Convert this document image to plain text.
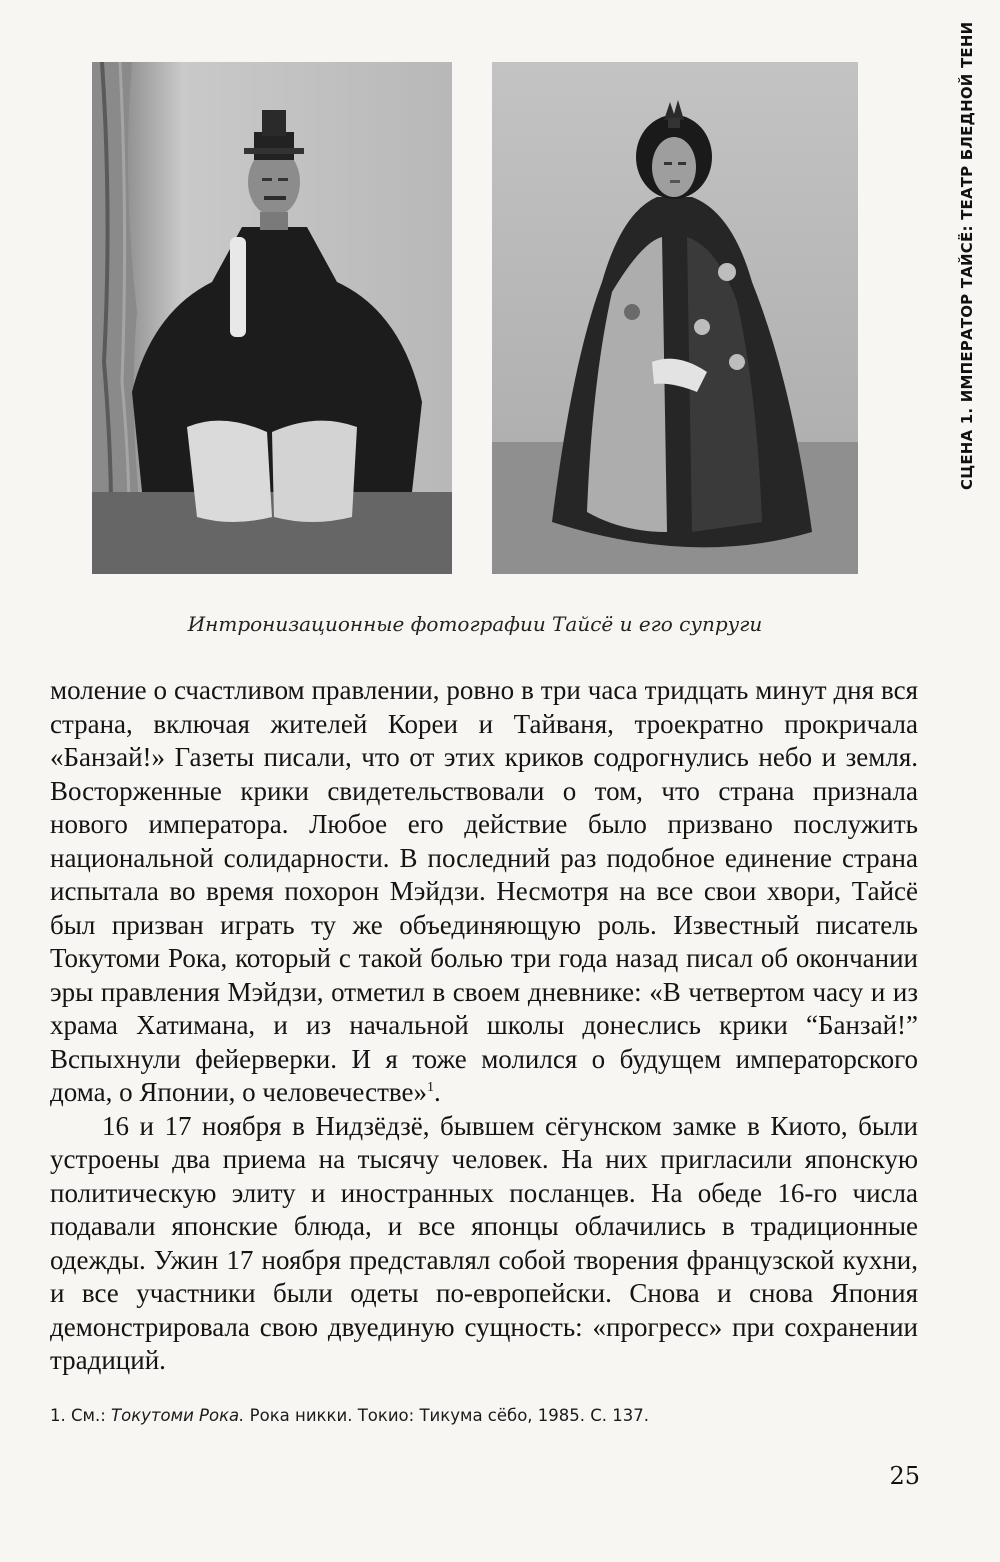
СЦЕНА 1. ИМПЕРАТОР ТАЙСЁ: ТЕАТР БЛЕДНОЙ ТЕНИ
Интронизационные фотографии Тайсё и его супруги

моление о счастливом правлении, ровно в три часа тридцать минут дня вся страна, включая жителей Кореи и Тайваня, троекратно прокричала «Банзай!» Газеты писали, что от этих криков содрогнулись небо и земля. Восторженные крики свидетельствовали о том, что страна признала нового императора. Любое его действие было призвано послужить национальной солидарности. В последний раз подобное единение страна испытала во время похорон Мэйдзи. Несмотря на все свои хвори, Тайсё был призван играть ту же объединяющую роль. Известный писатель Токутоми Рока, который с такой болью три года назад писал об окончании эры правления Мэйдзи, отметил в своем дневнике: «В четвертом часу и из храма Хатимана, и из начальной школы донеслись крики “Банзай!” Вспыхнули фейерверки. И я тоже молился о будущем императорского дома, о Японии, о человечестве»$^1$.

16 и 17 ноября в Нидзёдзё, бывшем сёгунском замке в Киото, были устроены два приема на тысячу человек. На них пригласили японскую политическую элиту и иностранных посланцев. На обеде 16-го числа подавали японские блюда, и все японцы облачились в традиционные одежды. Ужин 17 ноября представлял собой творения французской кухни, и все участники были одеты по-европейски. Снова и снова Япония демонстрировала свою двуединую сущность: «прогресс» при сохранении традиций.

1. См.: Токутоми Рока. Рока никки. Токио: Тикума сёбо, 1985. С. 137.
25
